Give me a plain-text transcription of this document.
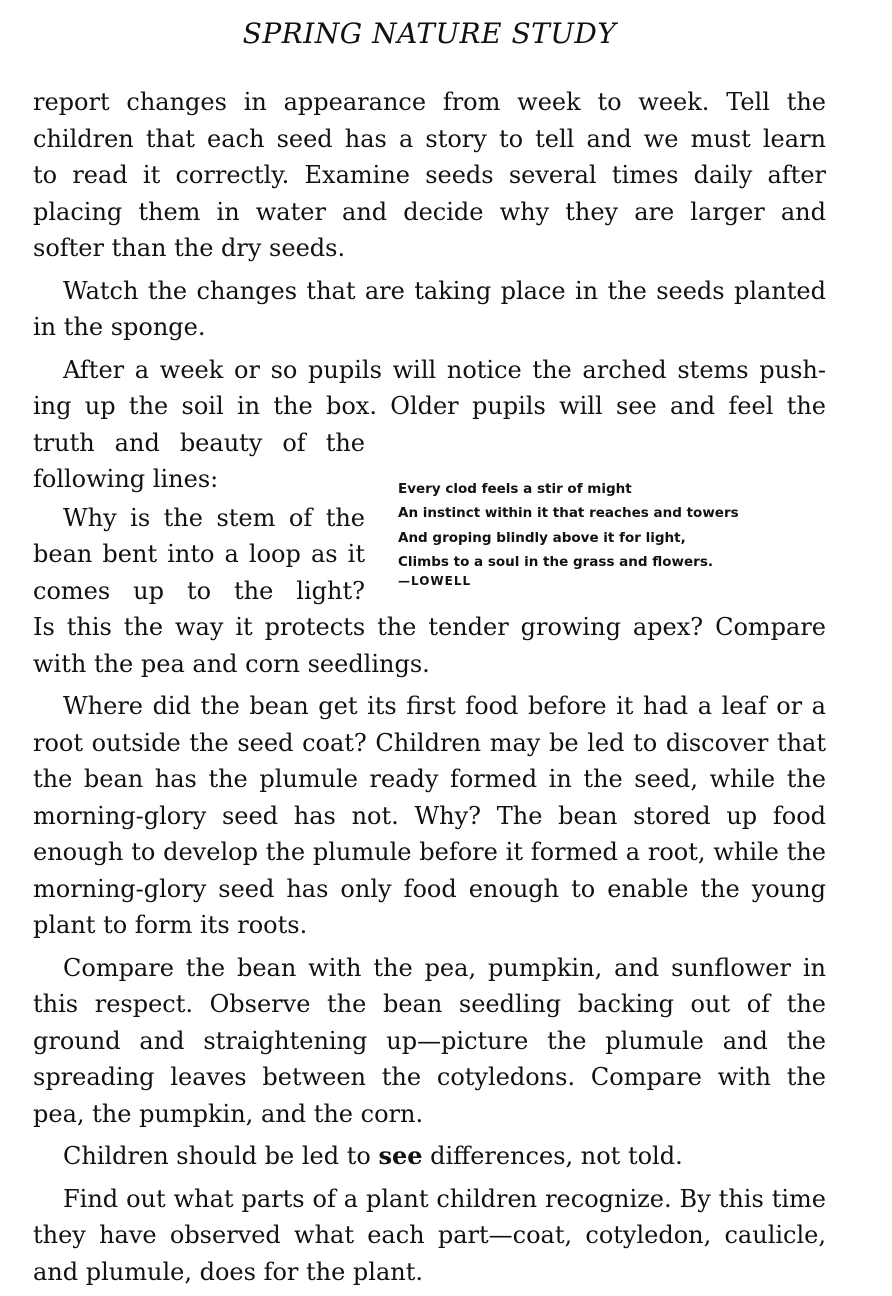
SPRING NATURE STUDY
report changes in appearance from week to week. Tell the
children that each seed has a story to tell and we must learn
to read it correctly. Examine seeds several times daily after
placing them in water and decide why they are larger and
softer than the dry seeds.
Watch the changes that are taking place in the seeds planted in the sponge.
After a week or so pupils will notice the arched stems push-
ing up the soil in the box. Older pupils will see and feel the
truth and beauty of the
following lines:
Why is the stem of the
bean bent into a loop as it
comes up to the light?
Every clod feels a stir of might
An instinct within it that reaches and towers
And groping blindly above it for light,
Climbs to a soul in the grass and flowers.
—LOWELL
Is this the way it protects the tender growing apex? Compare with the pea and corn seedlings.
Where did the bean get its first food before it had a leaf or a root outside the seed coat? Children may be led to discover that the bean has the plumule ready formed in the seed, while the morning-glory seed has not. Why? The bean stored up food enough to develop the plumule before it formed a root, while the morning-glory seed has only food enough to enable the young plant to form its roots.
Compare the bean with the pea, pumpkin, and sunflower in this respect. Observe the bean seedling backing out of the ground and straightening up—picture the plumule and the spreading leaves between the cotyledons. Compare with the pea, the pumpkin, and the corn.
Children should be led to see differences, not told.
Find out what parts of a plant children recognize. By this time they have observed what each part—coat, cotyledon, caulicle, and plumule, does for the plant.
